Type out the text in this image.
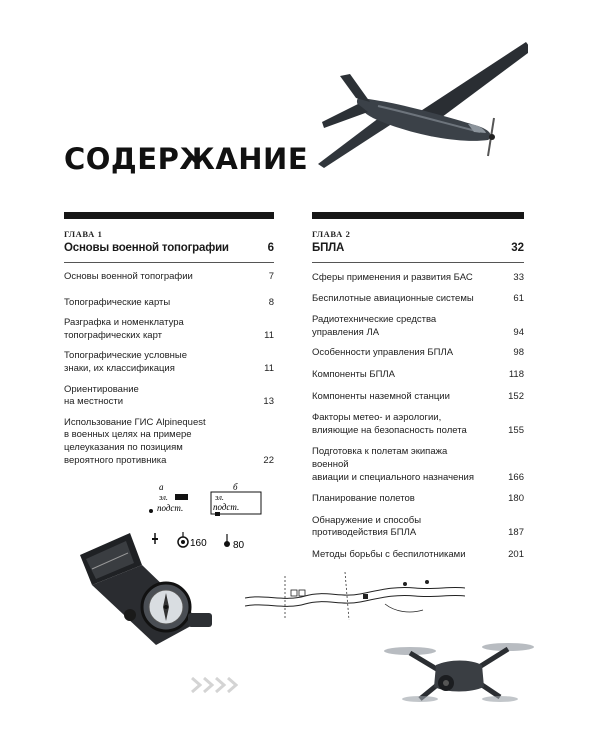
СОДЕРЖАНИЕ
ГЛАВА 1
Основы военной топографии	6
Основы военной топографии	7
Топографические карты	8
Разграфка и номенклатура
топографических карт	11
Топографические условные
знаки, их классификация	11
Ориентирование
на местности	13
Использование ГИС Alpinequest
в военных целях на примере
целеуказания по позициям
вероятного противника	22
ГЛАВА 2
БПЛА	32
Сферы применения и развития БАС	33
Беспилотные авиационные системы	61
Радиотехнические средства
управления ЛА	94
Особенности управления БПЛА	98
Компоненты БПЛА	118
Компоненты наземной станции	152
Факторы метео- и аэрологии,
влияющие на безопасность полета	155
Подготовка к полетам экипажа военной
авиации и специального назначения	166
Планирование полетов	180
Обнаружение и способы
противодействия БПЛА	187
Методы борьбы с беспилотниками	201
а	б
эл.
подст.
эл.
подст.
160	80
